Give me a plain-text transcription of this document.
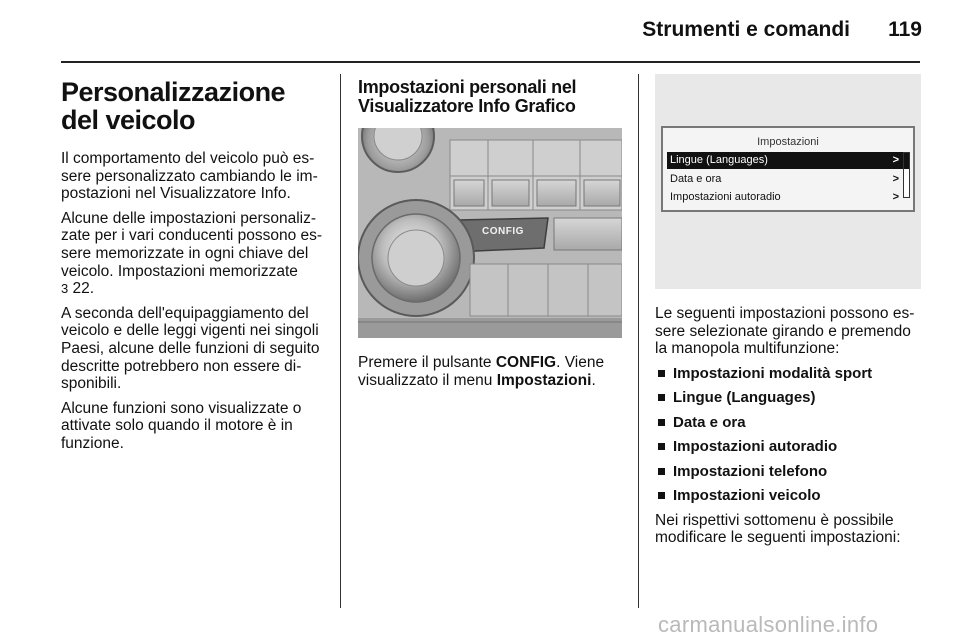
Strumenti e comandi	119
Personalizzazione del veicolo

Il comportamento del veicolo può es-sere personalizzato cambiando le im-postazioni nel Visualizzatore Info.

Alcune delle impostazioni personaliz-zate per i vari conducenti possono es-sere memorizzate in ogni chiave del veicolo. Impostazioni memorizzate
3 22.

A seconda dell'equipaggiamento del veicolo e delle leggi vigenti nei singoli Paesi, alcune delle funzioni di seguito descritte potrebbero non essere di-sponibili.

Alcune funzioni sono visualizzate o attivate solo quando il motore è in funzione.

Impostazioni personali nel Visualizzatore Info Grafico
CONFIG

Premere il pulsante CONFIG. Viene visualizzato il menu Impostazioni.

Impostazioni
Lingue (Languages)	>
Data e ora	>
Impostazioni autoradio	>

Le seguenti impostazioni possono es-sere selezionate girando e premendo la manopola multifunzione:

Impostazioni modalità sport
Lingue (Languages)
Data e ora
Impostazioni autoradio
Impostazioni telefono
Impostazioni veicolo

Nei rispettivi sottomenu è possibile modificare le seguenti impostazioni:

carmanualsonline.info
